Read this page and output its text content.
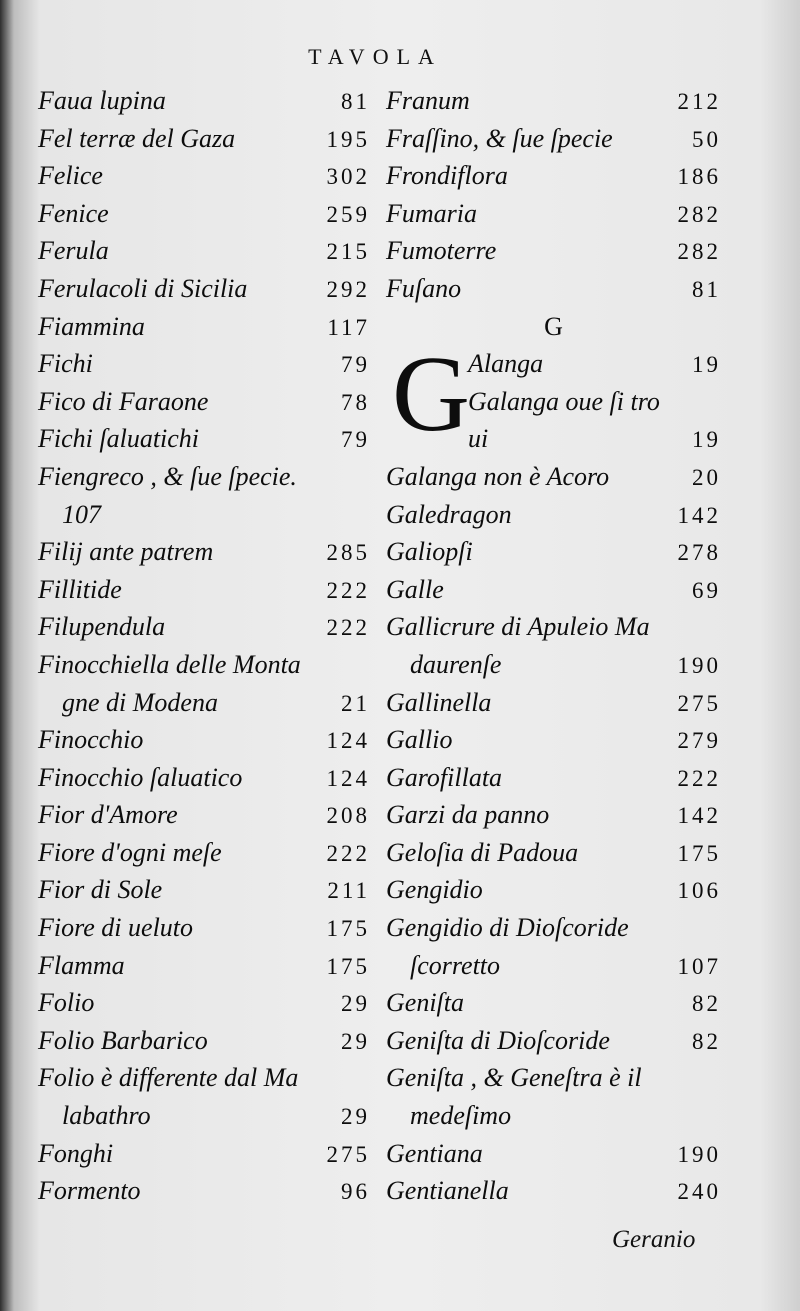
TAVOLA
Faua lupina	81
Fel terræ del Gaza	195
Felice	302
Fenice	259
Ferula	215
Ferulacoli di Sicilia	292
Fiammina	117
Fichi	79
Fico di Faraone	78
Fichi ſaluatichi	79
Fiengreco , & ſue ſpecie.
107
Filij ante patrem	285
Fillitide	222
Filupendula	222
Finocchiella delle Monta
gne di Modena	21
Finocchio	124
Finocchio ſaluatico	124
Fior d'Amore	208
Fiore d'ogni meſe	222
Fior di Sole	211
Fiore di ueluto	175
Flamma	175
Folio	29
Folio Barbarico	29
Folio è differente dal Ma
labathro	29
Fonghi	275
Formento	96
Franum	212
Fraſſino, & ſue ſpecie	50
Frondiflora	186
Fumaria	282
Fumoterre	282
Fuſano	81
G
G
Alanga	19
Galanga oue ſi tro
ui	19
Galanga non è Acoro	20
Galedragon	142
Galiopſi	278
Galle	69
Gallicrure di Apuleio Ma
daurenſe	190
Gallinella	275
Gallio	279
Garofillata	222
Garzi da panno	142
Geloſia di Padoua	175
Gengidio	106
Gengidio di Dioſcoride
ſcorretto	107
Geniſta	82
Geniſta di Dioſcoride	82
Geniſta , & Geneſtra è il
medeſimo
Gentiana	190
Gentianella	240
Geranio
